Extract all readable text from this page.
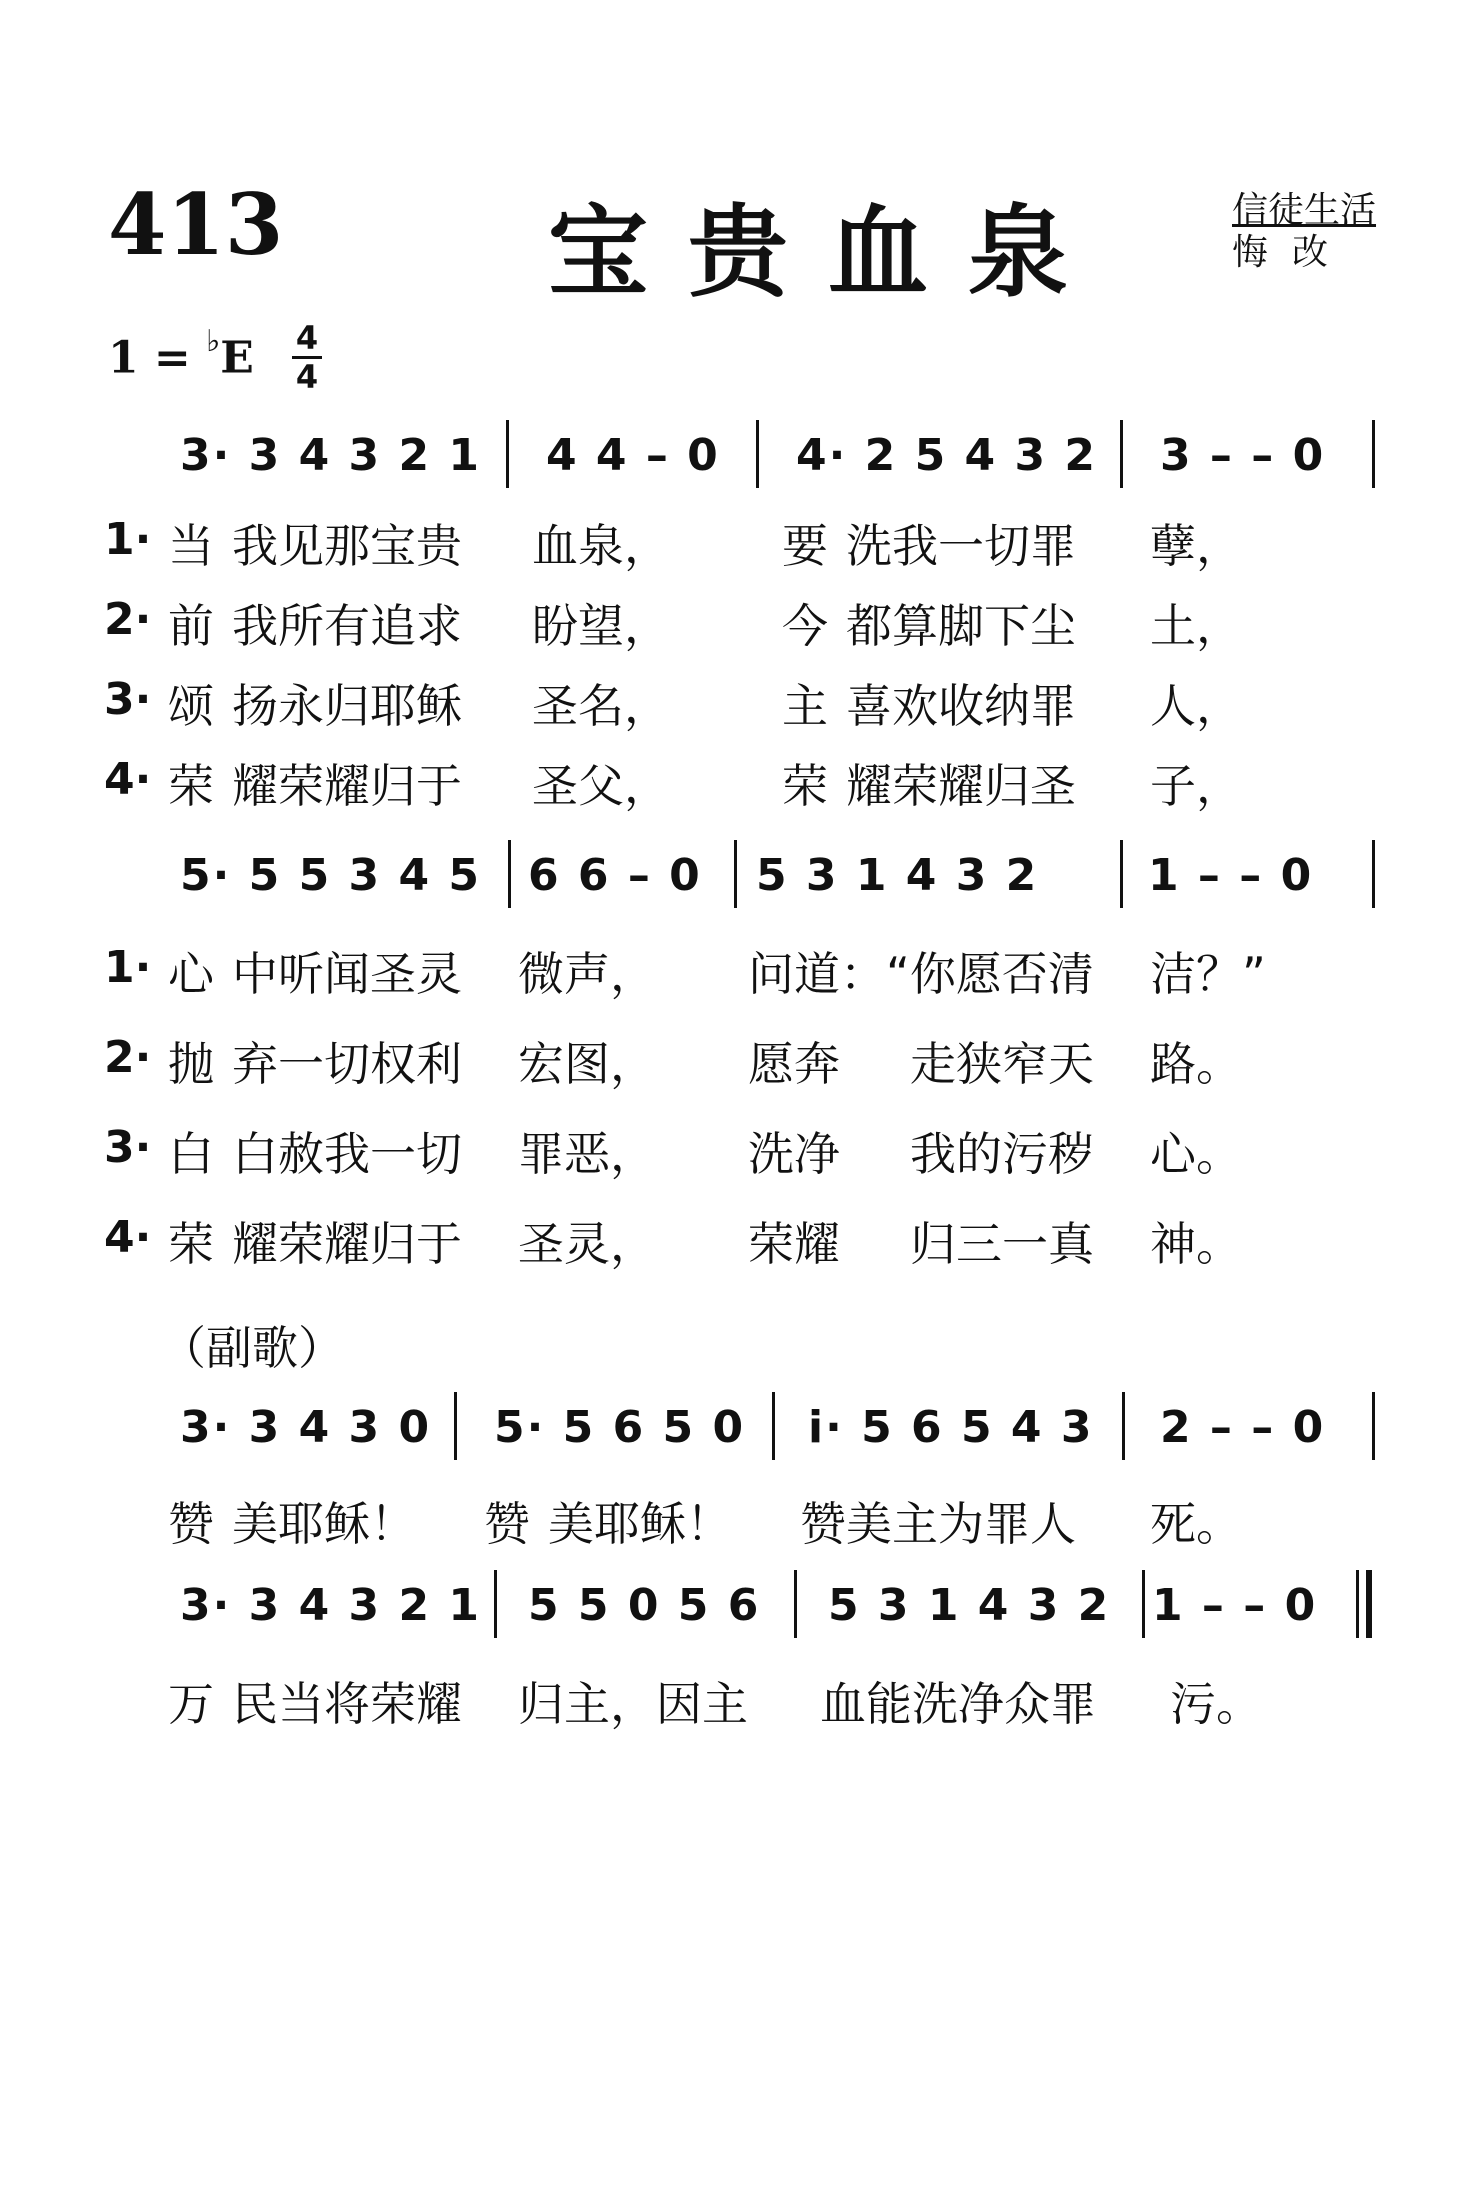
413	宝贵血泉	信徒生活
悔改
1 = ♭E 4
4
3· 3 4 3 2 1 4 4 – 0 4· 2 5 4 3 2 3 – – 0
1· 当 我见那宝贵 血泉， 要 洗我一切罪 孽，
2· 前 我所有追求 盼望， 今 都算脚下尘 土，
3· 颂 扬永归耶稣 圣名， 主 喜欢收纳罪 人，
4· 荣 耀荣耀归于 圣父， 荣 耀荣耀归圣 子，
5· 5 5 3 4 5 6 6 – 0 5 3 1 4 3 2 1 – – 0
1· 心 中听闻圣灵 微声， 问道：“你愿否清 洁？”
2· 抛 弃一切权利 宏图， 愿奔 走狭窄天 路。
3· 白 白赦我一切 罪恶， 洗净 我的污秽 心。
4· 荣 耀荣耀归于 圣灵， 荣耀 归三一真 神。
（副歌）
3· 3 4 3 0 5· 5 6 5 0 i· 5 6 5 4 3 2 – – 0
赞 美耶稣！ 赞 美耶稣！ 赞美主为罪人 死。
3· 3 4 3 2 1 5 5 0 5 6 5 3 1 4 3 2 1 – – 0
万 民当将荣耀 归主，因主 血能洗净众罪 污。
